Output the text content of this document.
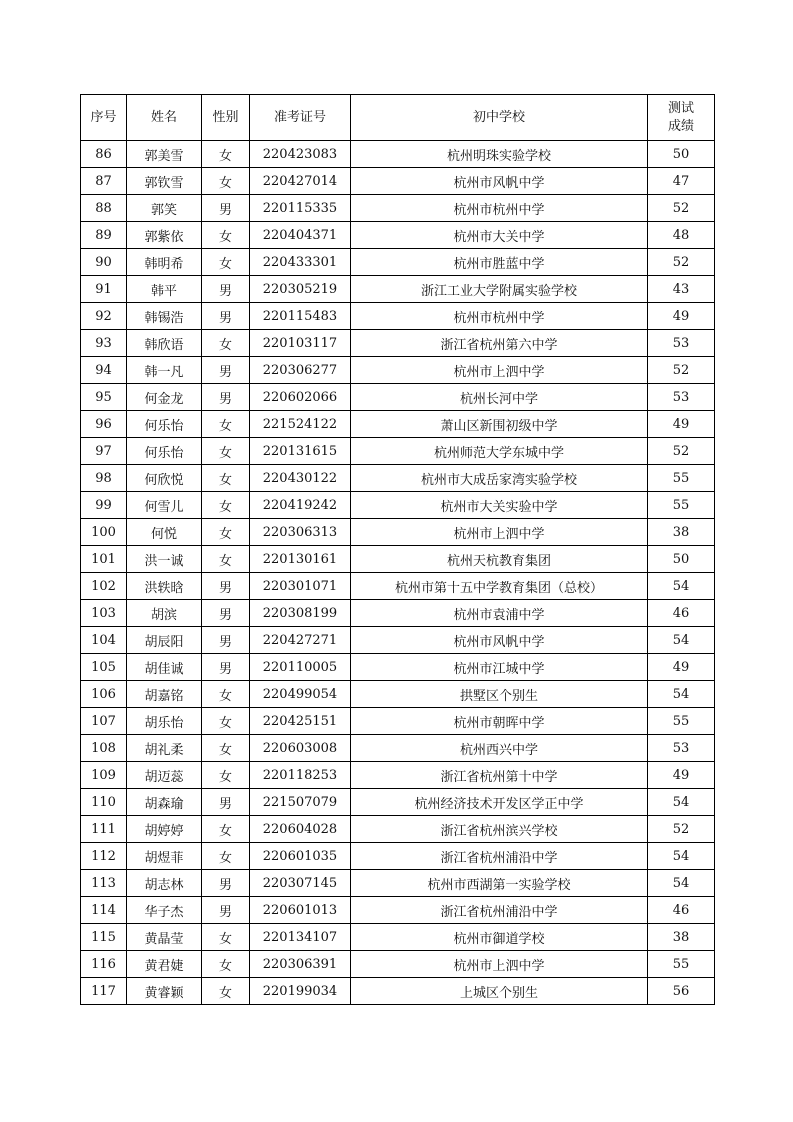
序号	姓名	性别	准考证号	初中学校	测试
成绩

86	郭美雪	女	220423083	杭州明珠实验学校	50
87	郭钦雪	女	220427014	杭州市风帆中学	47
88	郭笑	男	220115335	杭州市杭州中学	52
89	郭紫依	女	220404371	杭州市大关中学	48
90	韩明希	女	220433301	杭州市胜蓝中学	52
91	韩平	男	220305219	浙江工业大学附属实验学校	43
92	韩锡浩	男	220115483	杭州市杭州中学	49
93	韩欣语	女	220103117	浙江省杭州第六中学	53
94	韩一凡	男	220306277	杭州市上泗中学	52
95	何金龙	男	220602066	杭州长河中学	53
96	何乐怡	女	221524122	萧山区新围初级中学	49
97	何乐怡	女	220131615	杭州师范大学东城中学	52
98	何欣悦	女	220430122	杭州市大成岳家湾实验学校	55
99	何雪儿	女	220419242	杭州市大关实验中学	55
100	何悦	女	220306313	杭州市上泗中学	38
101	洪一诚	女	220130161	杭州天杭教育集团	50
102	洪轶晗	男	220301071	杭州市第十五中学教育集团（总校）	54
103	胡滨	男	220308199	杭州市袁浦中学	46
104	胡辰阳	男	220427271	杭州市风帆中学	54
105	胡佳诚	男	220110005	杭州市江城中学	49
106	胡嘉铭	女	220499054	拱墅区个别生	54
107	胡乐怡	女	220425151	杭州市朝晖中学	55
108	胡礼柔	女	220603008	杭州西兴中学	53
109	胡迈蕊	女	220118253	浙江省杭州第十中学	49
110	胡森瑜	男	221507079	杭州经济技术开发区学正中学	54
111	胡婷婷	女	220604028	浙江省杭州滨兴学校	52
112	胡煜菲	女	220601035	浙江省杭州浦沿中学	54
113	胡志林	男	220307145	杭州市西湖第一实验学校	54
114	华子杰	男	220601013	浙江省杭州浦沿中学	46
115	黄晶莹	女	220134107	杭州市御道学校	38
116	黄君婕	女	220306391	杭州市上泗中学	55
117	黄睿颖	女	220199034	上城区个别生	56
